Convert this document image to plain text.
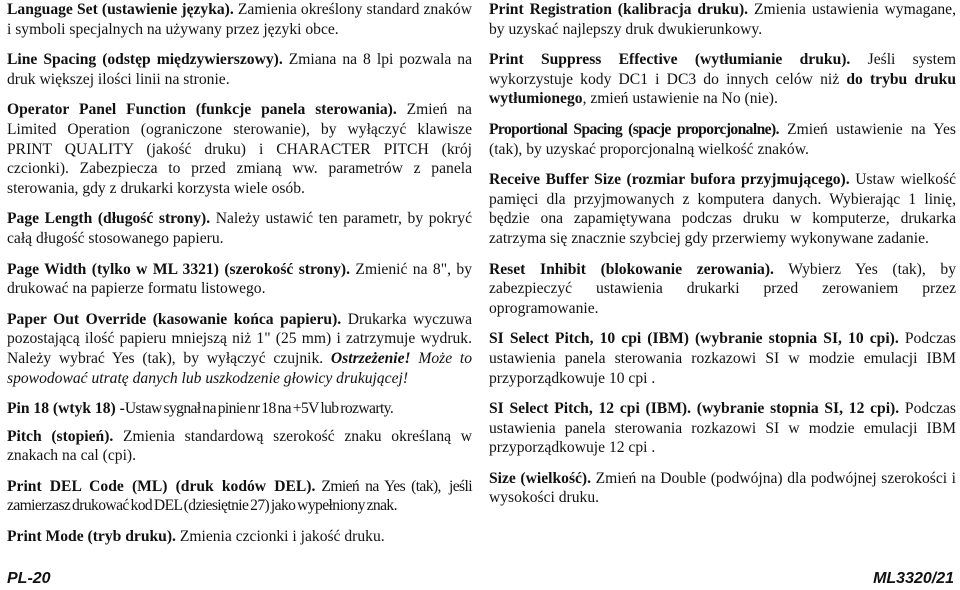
Language Set (ustawienie języka). Zamienia określony standard znaków i symboli specjalnych na używany przez języki obce.

Line Spacing (odstęp międzywierszowy). Zmiana na 8 lpi pozwala na druk większej ilości linii na stronie.

Operator Panel Function (funkcje panela sterowania). Zmień na Limited Operation (ograniczone sterowanie), by wyłączyć klawisze PRINT QUALITY (jakość druku) i CHARACTER PITCH (krój czcionki). Zabezpiecza to przed zmianą ww. parametrów z panela sterowania, gdy z drukarki korzysta wiele osób.

Page Length (długość strony). Należy ustawić ten parametr, by pokryć całą długość stosowanego papieru.

Page Width (tylko w ML 3321) (szerokość strony). Zmienić na 8", by drukować na papierze formatu listowego.

Paper Out Override (kasowanie końca papieru). Drukarka wyczuwa pozostającą ilość papieru mniejszą niż 1" (25 mm) i zatrzymuje wydruk. Należy wybrać Yes (tak), by wyłączyć czujnik. Ostrzeżenie! Może to spowodować utratę danych lub uszkodzenie głowicy drukującej!

Pin 18 (wtyk 18) -Ustaw sygnał na pinie nr 18 na +5V lub rozwarty.

Pitch (stopień). Zmienia standardową szerokość znaku określaną w znakach na cal (cpi).

Print DEL Code (ML) (druk kodów DEL). Zmień na Yes (tak), jeśli zamierzasz drukować kod DEL (dziesiętnie 27) jako wypełniony znak.

Print Mode (tryb druku). Zmienia czcionki i jakość druku.

Print Registration (kalibracja druku). Zmienia ustawienia wymagane, by uzyskać najlepszy druk dwukierunkowy.

Print Suppress Effective (wytłumianie druku). Jeśli system wykorzystuje kody DC1 i DC3 do innych celów niż do trybu druku wytłumionego, zmień ustawienie na No (nie).

Proportional Spacing (spacje proporcjonalne). Zmień ustawienie na Yes (tak), by uzyskać proporcjonalną wielkość znaków.

Receive Buffer Size (rozmiar bufora przyjmującego). Ustaw wielkość pamięci dla przyjmowanych z komputera danych. Wybierając 1 linię, będzie ona zapamiętywana podczas druku w komputerze, drukarka zatrzyma się znacznie szybciej gdy przerwiemy wykonywane zadanie.

Reset Inhibit (blokowanie zerowania). Wybierz Yes (tak), by zabezpieczyć ustawienia drukarki przed zerowaniem przez oprogramowanie.

SI Select Pitch, 10 cpi (IBM) (wybranie stopnia SI, 10 cpi). Podczas ustawienia panela sterowania rozkazowi SI w modzie emulacji IBM przyporządkowuje 10 cpi .

SI Select Pitch, 12 cpi (IBM). (wybranie stopnia SI, 12 cpi). Podczas ustawienia panela sterowania rozkazowi SI w modzie emulacji IBM przyporządkowuje 12 cpi .

Size (wielkość). Zmień na Double (podwójna) dla podwójnej szerokości i wysokości druku.

PL-20	ML3320/21
